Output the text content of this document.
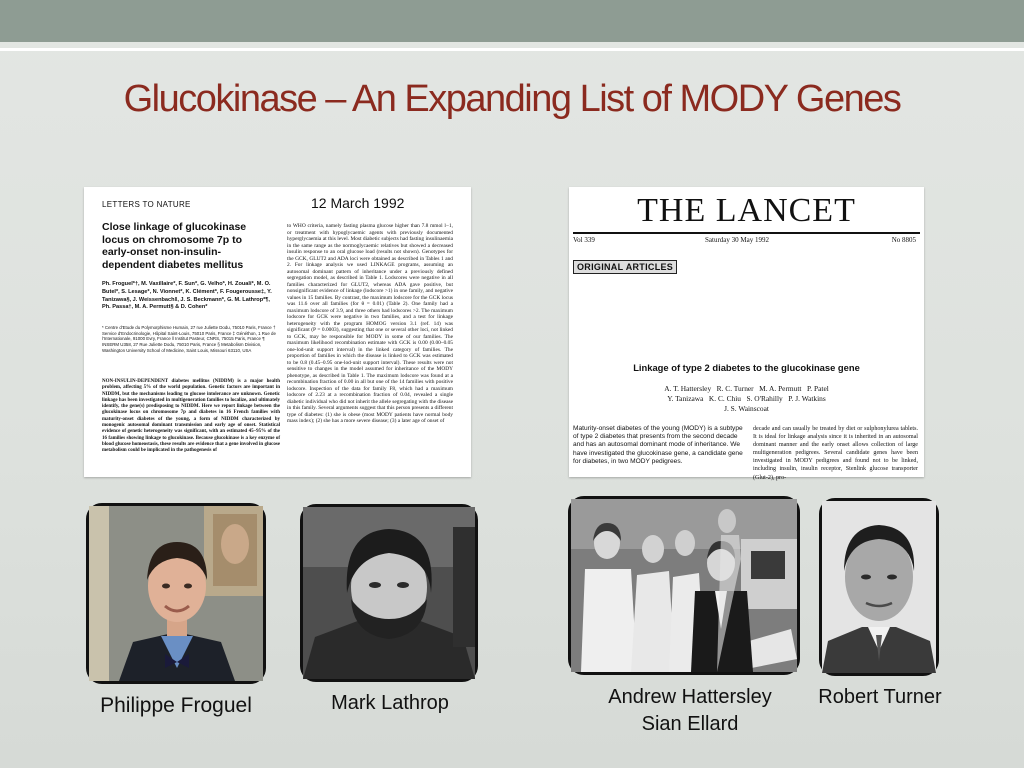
Glucokinase – An Expanding List of MODY Genes
LETTERS TO NATURE	12 March 1992
Close linkage of glucokinase locus on chromosome 7p to early-onset non-insulin-dependent diabetes mellitus
Ph. Froguel*†, M. Vaxillaire*, F. Sun*, G. Velho*, H. Zouali*, M. O. Butel*, S. Lesage*, N. Vionnet*, K. Clément*, F. Fougerousse‡, Y. Tanizawa§, J. Weissenbach‖, J. S. Beckmann*, G. M. Lathrop*¶, Ph. Passa†, M. A. Permutt§ & D. Cohen*
* Centre d'Etude du Polymorphisme Humain, 27 rue Juliette Dodu, 75010 Paris, France † Service d'Endocrinologie, Hôpital Saint-Louis, 75010 Paris, France ‡ Généthon, 1 Rue de l'Internationale, 91000 Evry, France ‖ Institut Pasteur, CNRS, 75015 Paris, France ¶ INSERM U358, 27 Rue Juliette Dodu, 75010 Paris, France § Metabolism Division, Washington University School of Medicine, Saint Louis, Missouri 63110, USA
NON-INSULIN-DEPENDENT diabetes mellitus (NIDDM) is a major health problem, affecting 5% of the world population. Genetic factors are important in NIDDM, but the mechanisms leading to glucose intolerance are unknown. Genetic linkage has been investigated in multigeneration families to localize, and ultimately identify, the gene(s) predisposing to NIDDM. Here we report linkage between the glucokinase locus on chromosome 7p and diabetes in 16 French families with maturity-onset diabetes of the young, a form of NIDDM characterized by monogenic autosomal dominant transmission and early age of onset. Statistical evidence of genetic heterogeneity was significant, with an estimated 45–95% of the 16 families showing linkage to glucokinase. Because glucokinase is a key enzyme of blood glucose homeostasis, these results are evidence that a gene involved in glucose metabolism could be implicated in the pathogenesis of
to WHO criteria, namely fasting plasma glucose higher than 7.8 mmol l−1, or treatment with hypoglycaemic agents with previously documented hyperglycaemia at this level. Most diabetic subjects had fasting insulinaemia in the same range as the normoglycaemic relatives but showed a decreased insulin response to an oral glucose load (results not shown). Genotypes for the GCK, GLUT2 and ADA loci were obtained as described in Tables 1 and 2. For linkage analysis we used LINKAGE programs, assuming an autosomal dominant pattern of inheritance under a previously defined segregation model, as described in Table 1. Lodscores were negative in all families characterized for GLUT2, whereas ADA gave positive, but nonsignificant evidence of linkage (lodscore >1) in one family, and negative values in 15 families. By contrast, the maximum lodscore for the GCK locus was 11.6 over all families (for θ = 0.01) (Table 2). One family had a maximum lodscore of 3.9, and three others had lodscores >2. The maximum lodscore for GCK were negative in two families, and a test for linkage heterogeneity with the program HOMOG version 3.1 (ref. 14) was significant (P = 0.0003), suggesting that one or several other loci, not linked to GCK, may be responsible for MODY in some of our families. The maximum likelihood recombination estimate with GCK is 0.00 (0.00–0.05 one-lod-unit support interval) in the linked category of families. The proportion of families in which the disease is linked to GCK was estimated to be 0.8 (0.45–0.95 one-lod-unit support interval). These results were not sensitive to changes in the model assumed for inheritance of the MODY phenotype, as described in Table 1. The maximum lodscore was found at a recombination fraction of 0.00 in all but one of the 14 families with positive lodscore. Inspection of the data for family F8, which had a maximum lodscore of 2.23 at a recombination fraction of 0.04, revealed a single diabetic individual who did not inherit the allele segregating with the disease in this family. Several arguments suggest that this person presents a different type of diabetes: (1) she is obese (most MODY patients have normal body mass index); (2) she has a more severe disease; (3) a later age of onset of
THE LANCET
Vol 339	Saturday 30 May 1992	No 8805
ORIGINAL ARTICLES
Linkage of type 2 diabetes to the glucokinase gene
A. T. Hattersley   R. C. Turner   M. A. Permutt   P. Patel
Y. Tanizawa   K. C. Chiu   S. O'Rahilly   P. J. Watkins
J. S. Wainscoat
Maturity-onset diabetes of the young (MODY) is a subtype of type 2 diabetes that presents from the second decade and has an autosomal dominant mode of inheritance. We have investigated the glucokinase gene, a candidate gene for diabetes, in two MODY pedigrees.
decade and can usually be treated by diet or sulphonylurea tablets. It is ideal for linkage analysis since it is inherited in an autosomal dominant manner and the early onset allows collection of large multigeneration pedigrees. Several candidate genes have been investigated in MODY pedigrees and found not to be linked, including insulin, insulin receptor, Stenlink glucose transporter (Glut-2), pro-
Philippe Froguel	Mark Lathrop	Andrew Hattersley
Sian Ellard
Robert Turner
